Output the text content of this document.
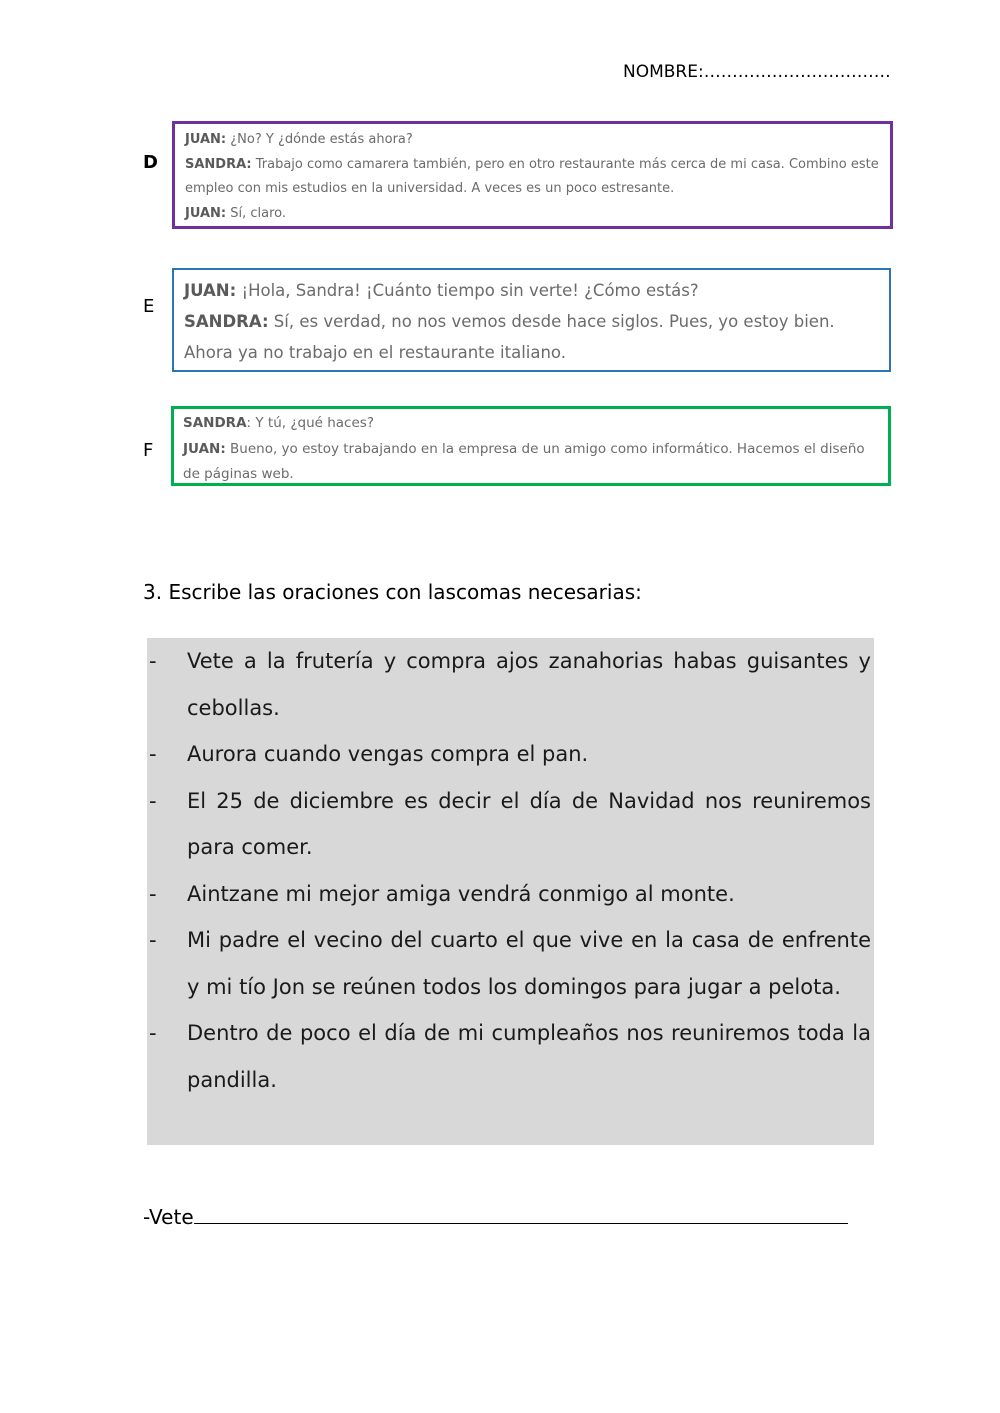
NOMBRE:……………………………
D

JUAN: ¿No? Y ¿dónde estás ahora?

SANDRA: Trabajo como camarera también, pero en otro restaurante más cerca de mi casa. Combino este empleo con mis estudios en la universidad. A veces es un poco estresante.

JUAN: Sí, claro.

E

JUAN: ¡Hola, Sandra! ¡Cuánto tiempo sin verte! ¿Cómo estás?

SANDRA: Sí, es verdad, no nos vemos desde hace siglos. Pues, yo estoy bien. Ahora ya no trabajo en el restaurante italiano.

F

SANDRA: Y tú, ¿qué haces?

JUAN: Bueno, yo estoy trabajando en la empresa de un amigo como informático. Hacemos el diseño de páginas web.

3. Escribe las oraciones con lascomas necesarias:
-	Vete a la frutería y compra ajos zanahorias habas guisantes y cebollas.
-	Aurora cuando vengas compra el pan.
-	El 25 de diciembre es decir el día de Navidad nos reuniremos para comer.
-	Aintzane mi mejor amiga vendrá conmigo al monte.
-	Mi padre el vecino del cuarto el que vive en la casa de enfrente y mi tío Jon se reúnen todos los domingos para jugar a pelota.
-	Dentro de poco el día de mi cumpleaños nos reuniremos toda la pandilla.
-Vete
